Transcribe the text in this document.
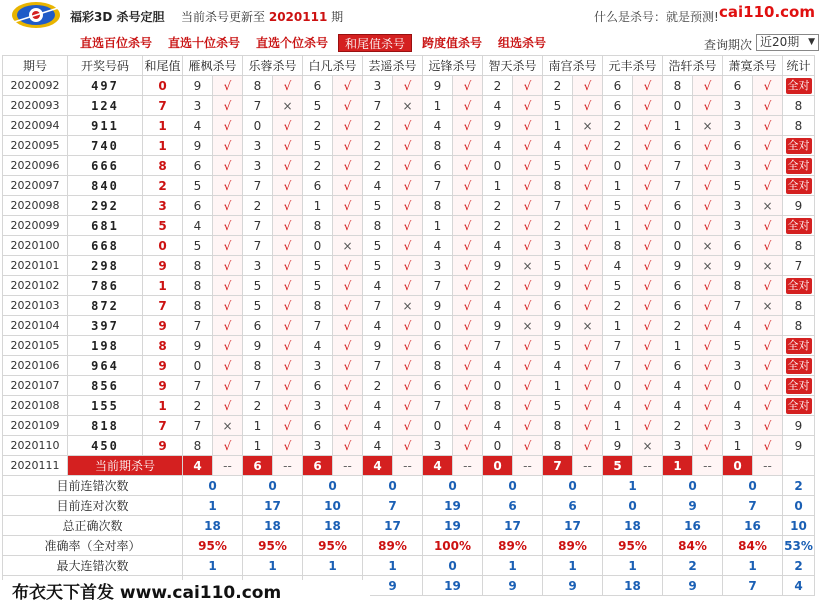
福彩3D 杀号定胆 当前杀号更新至 2020111 期	什么是杀号：就是预测! cai110.com
直选百位杀号 直选十位杀号 直选个位杀号	和尾值杀号	跨度值杀号 组选杀号	查询期次 近20期 ▼
期号	开奖号码	和尾值	雁枫杀号		乐蓉杀号		白凡杀号		芸遥杀号		远锋杀号		智天杀号		南宫杀号		元丰杀号		浩轩杀号		萧寞杀号		统计
2020092	497	0	9	√	8	√	6	√	3	√	9	√	2	√	2	√	6	√	8	√	6	√	全对
2020093	124	7	3	√	7	×	5	√	7	×	1	√	4	√	5	√	6	√	0	√	3	√	8
2020094	911	1	4	√	0	√	2	√	2	√	4	√	9	√	1	×	2	√	1	×	3	√	8
2020095	740	1	9	√	3	√	5	√	2	√	8	√	4	√	4	√	2	√	6	√	6	√	全对
2020096	666	8	6	√	3	√	2	√	2	√	6	√	0	√	5	√	0	√	7	√	3	√	全对
2020097	840	2	5	√	7	√	6	√	4	√	7	√	1	√	8	√	1	√	7	√	5	√	全对
2020098	292	3	6	√	2	√	1	√	5	√	8	√	2	√	7	√	5	√	6	√	3	×	9
2020099	681	5	4	√	7	√	8	√	8	√	1	√	2	√	2	√	1	√	0	√	3	√	全对
2020100	668	0	5	√	7	√	0	×	5	√	4	√	4	√	3	√	8	√	0	×	6	√	8
2020101	298	9	8	√	3	√	5	√	5	√	3	√	9	×	5	√	4	√	9	×	9	×	7
2020102	786	1	8	√	5	√	5	√	4	√	7	√	2	√	9	√	5	√	6	√	8	√	全对
2020103	872	7	8	√	5	√	8	√	7	×	9	√	4	√	6	√	2	√	6	√	7	×	8
2020104	397	9	7	√	6	√	7	√	4	√	0	√	9	×	9	×	1	√	2	√	4	√	8
2020105	198	8	9	√	9	√	4	√	9	√	6	√	7	√	5	√	7	√	1	√	5	√	全对
2020106	964	9	0	√	8	√	3	√	7	√	8	√	4	√	4	√	7	√	6	√	3	√	全对
2020107	856	9	7	√	7	√	6	√	2	√	6	√	0	√	1	√	0	√	4	√	0	√	全对
2020108	155	1	2	√	2	√	3	√	4	√	7	√	8	√	5	√	4	√	4	√	4	√	全对
2020109	818	7	7	×	1	√	6	√	4	√	0	√	4	√	8	√	1	√	2	√	3	√	9
2020110	450	9	8	√	1	√	3	√	4	√	3	√	0	√	8	√	9	×	3	√	1	√	9
2020111	当前期杀号		4	--	6	--	6	--	4	--	4	--	0	--	7	--	5	--	1	--	0	--	
目前连错次数			0		0		0		0		0		0		0		1		0		0		2
目前连对次数			1		17		10		7		19		6		6		0		9		7		0
总正确次数			18		18		18		17		19		17		17		18		16		16		10
准确率（全对率）			95%		95%		95%		89%		100%		89%		89%		95%		84%		84%		53%
最大连错次数			1		1		1		1		0		1		1		1		2		1		2
									9		19		9		9		18		9		7		4
布衣天下首发 www.cai110.com
